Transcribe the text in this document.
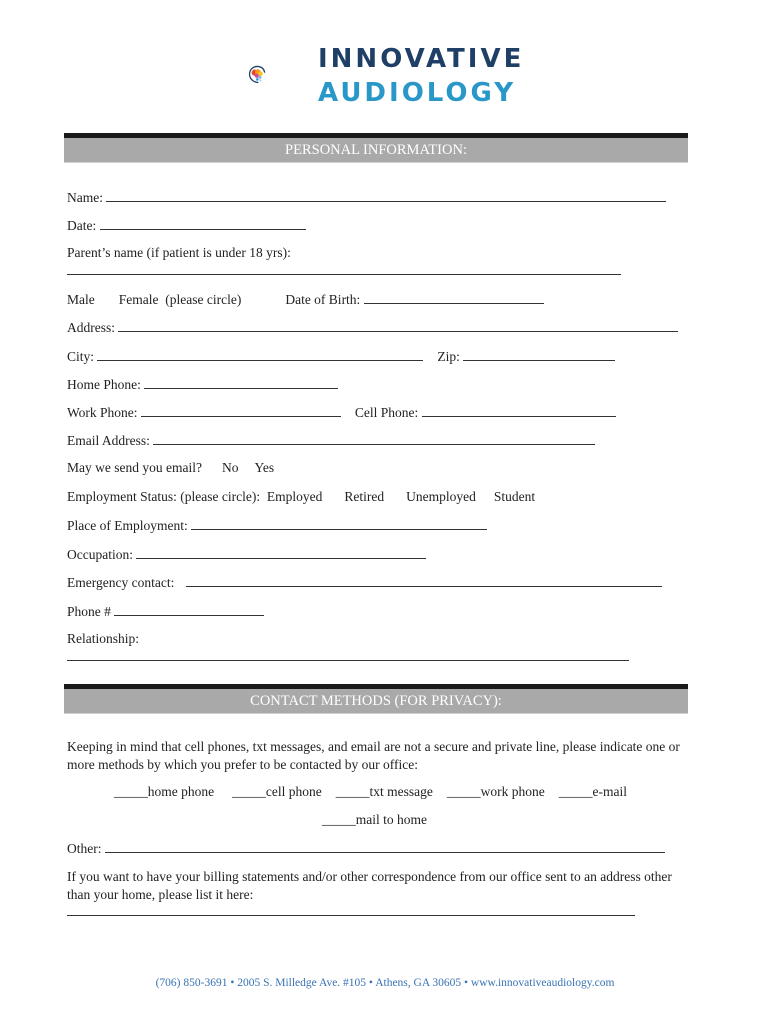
INNOVATIVE
AUDIOLOGY
PERSONAL INFORMATION:
Name:
Date:
Parent’s name (if patient is under 18 yrs):
Male Female (please circle)	Date of Birth:
Address:
City:	Zip:
Home Phone:
Work Phone:	Cell Phone:
Email Address:
May we send you email? No Yes
Employment Status: (please circle): Employed Retired Unemployed Student
Place of Employment:
Occupation:
Emergency contact:
Phone #
Relationship:
CONTACT METHODS (FOR PRIVACY):
Keeping in mind that cell phones, txt messages, and email are not a secure and private line, please indicate one or more methods by which you prefer to be contacted by our office:
_____home phone _____cell phone _____txt message _____work phone _____e-mail
_____mail to home
Other:
If you want to have your billing statements and/or other correspondence from our office sent to an address other than your home, please list it here:
(706) 850-3691 • 2005 S. Milledge Ave. #105 • Athens, GA 30605 • www.innovativeaudiology.com
